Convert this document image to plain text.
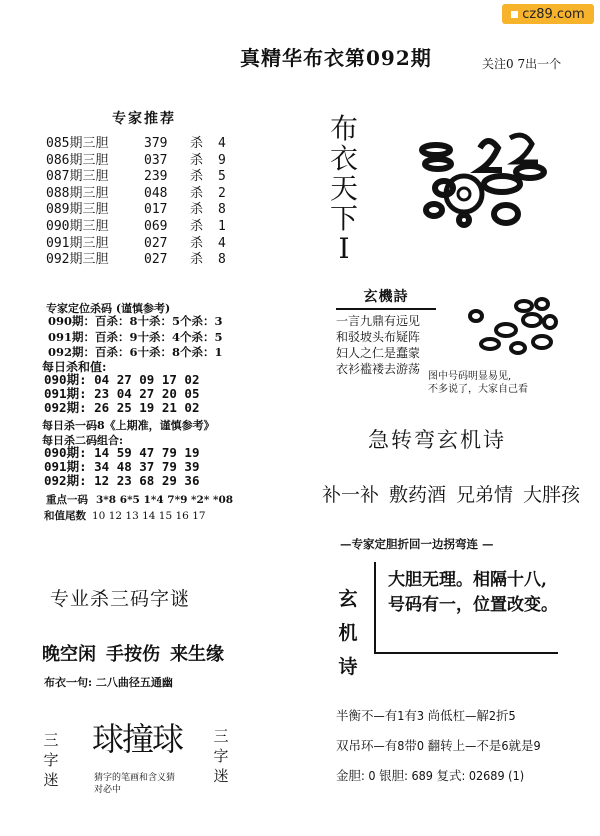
cz89.com
真精华布衣第092期	关注0 7出一个
专家推荐
085期三胆	379 杀 4
086期三胆	037 杀 9
087期三胆	239 杀 5
088期三胆	048 杀 2
089期三胆	017 杀 8
090期三胆	069 杀 1
091期三胆	027 杀 4
092期三胆	027 杀 8
布
衣
天
下
I
专家定位杀码 (谨慎参考)
090期：百杀：8十杀：5个杀：3
091期：百杀：9十杀：4个杀：5
092期：百杀：6十杀：8个杀：1
每日杀和值:
090期: 04 27 09 17 02
091期: 23 04 27 20 05
092期: 26 25 19 21 02
每日杀一码8《上期准，谨慎参考》
每日杀二码组合:
090期: 14 59 47 79 19
091期: 34 48 37 79 39
092期: 12 23 68 29 36
重点一码 3*8 6*5 1*4 7*9 *2* *08
和值尾数 10 12 13 14 15 16 17
玄機詩
一言九鼎有远见
和驳坡头布疑阵
妇人之仁是蠢蒙
衣衫褴褛去游荡
图中号码明显易见,
不多说了，大家自己看
急转弯玄机诗
补一补 敷药酒 兄弟情 大胖孩
—专家定胆折回一边拐弯连 —
玄
机
诗
大胆无理。相隔十八,
号码有一，位置改变。
半衡不—有1有3 尚低杠—解2折5
双吊环—有8带0 翻转上—不是6就是9
金胆: 0 银胆: 689 复式: 02689 (1)
专业杀三码字谜
晚空闲 手按伤 来生缘
布衣一句: 二八曲径五通幽
三
字
迷
三
字
迷
球撞球
猜字的笔画和含义猜
对必中
